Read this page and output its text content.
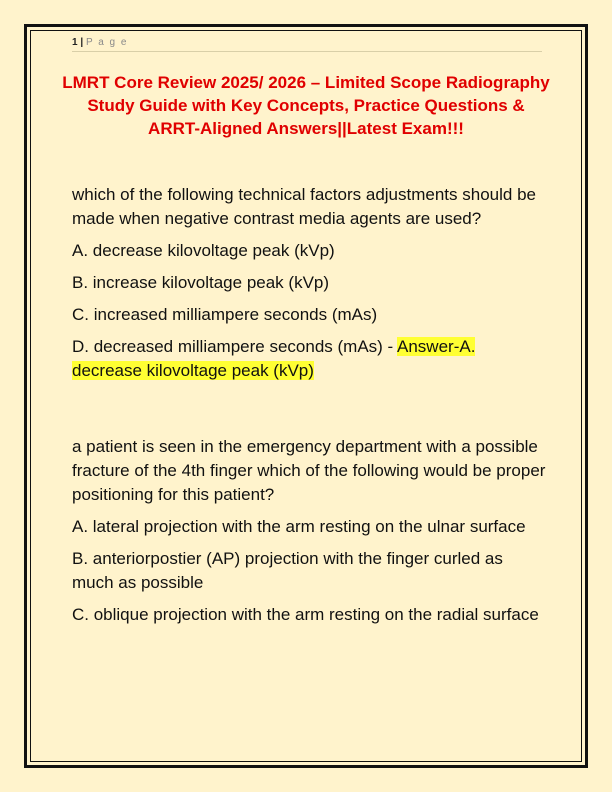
1 | P a g e
LMRT Core Review 2025/ 2026 – Limited Scope Radiography Study Guide with Key Concepts, Practice Questions & ARRT-Aligned Answers||Latest Exam!!!

which of the following technical factors adjustments should be made when negative contrast media agents are used?

A. decrease kilovoltage peak (kVp)

B. increase kilovoltage peak (kVp)

C. increased milliampere seconds (mAs)

D. decreased milliampere seconds (mAs) - Answer-A. decrease kilovoltage peak (kVp)

a patient is seen in the emergency department with a possible fracture of the 4th finger which of the following would be proper positioning for this patient?

A. lateral projection with the arm resting on the ulnar surface

B. anteriorpostier (AP) projection with the finger curled as much as possible

C. oblique projection with the arm resting on the radial surface
